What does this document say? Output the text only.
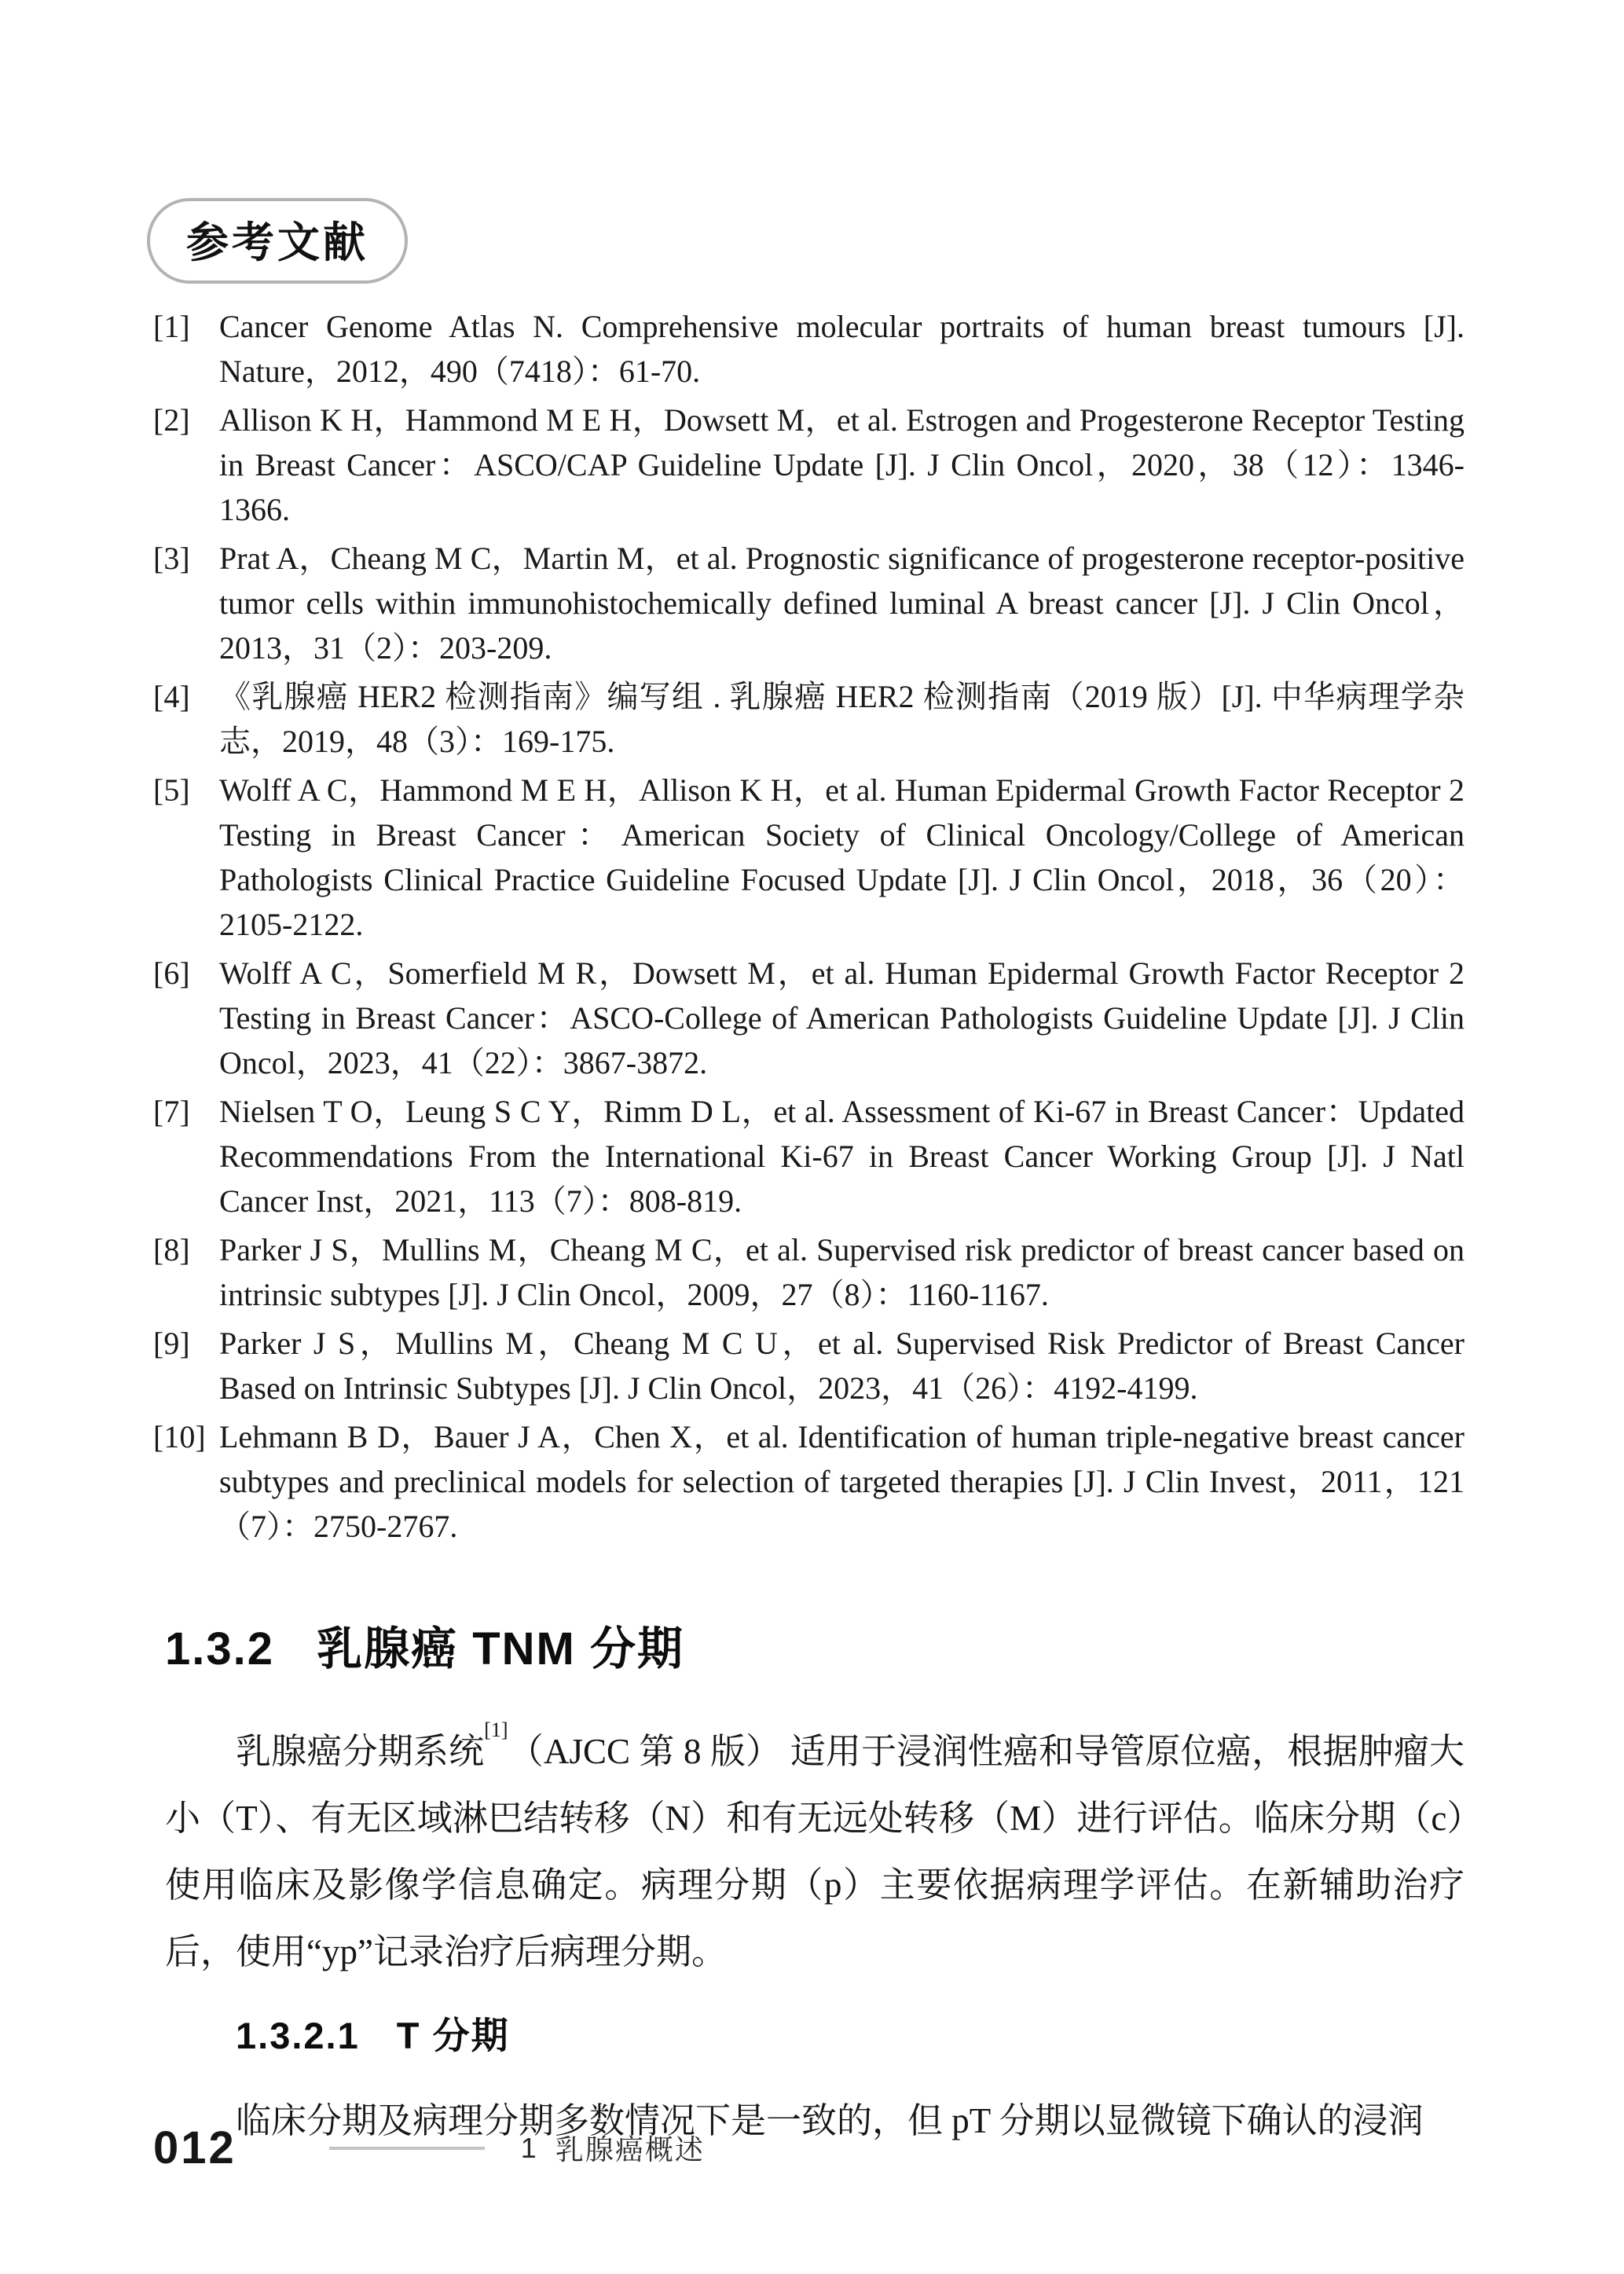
参考文献
[1] Cancer Genome Atlas N. Comprehensive molecular portraits of human breast tumours [J]. Nature，2012，490（7418）：61-70.
[2] Allison K H，Hammond M E H，Dowsett M，et al. Estrogen and Progesterone Receptor Testing in Breast Cancer：ASCO/CAP Guideline Update [J]. J Clin Oncol，2020，38（12）：1346-1366.
[3] Prat A，Cheang M C，Martin M，et al. Prognostic significance of progesterone receptor-positive tumor cells within immunohistochemically defined luminal A breast cancer [J]. J Clin Oncol，2013，31（2）：203-209.
[4] 《乳腺癌 HER2 检测指南》编写组 . 乳腺癌 HER2 检测指南（2019 版）[J]. 中华病理学杂志，2019，48（3）：169-175.
[5] Wolff A C，Hammond M E H，Allison K H，et al. Human Epidermal Growth Factor Receptor 2 Testing in Breast Cancer：American Society of Clinical Oncology/College of American Pathologists Clinical Practice Guideline Focused Update [J]. J Clin Oncol，2018，36（20）：2105-2122.
[6] Wolff A C，Somerfield M R，Dowsett M，et al. Human Epidermal Growth Factor Receptor 2 Testing in Breast Cancer：ASCO-College of American Pathologists Guideline Update [J]. J Clin Oncol，2023，41（22）：3867-3872.
[7] Nielsen T O，Leung S C Y，Rimm D L，et al. Assessment of Ki-67 in Breast Cancer：Updated Recommendations From the International Ki-67 in Breast Cancer Working Group [J]. J Natl Cancer Inst，2021，113（7）：808-819.
[8] Parker J S，Mullins M，Cheang M C，et al. Supervised risk predictor of breast cancer based on intrinsic subtypes [J]. J Clin Oncol，2009，27（8）：1160-1167.
[9] Parker J S，Mullins M，Cheang M C U，et al. Supervised Risk Predictor of Breast Cancer Based on Intrinsic Subtypes [J]. J Clin Oncol，2023，41（26）：4192-4199.
[10] Lehmann B D，Bauer J A，Chen X，et al. Identification of human triple-negative breast cancer subtypes and preclinical models for selection of targeted therapies [J]. J Clin Invest，2011，121（7）：2750-2767.
1.3.2 乳腺癌 TNM 分期

乳腺癌分期系统[1]（AJCC 第 8 版） 适用于浸润性癌和导管原位癌，根据肿瘤大小（T）、有无区域淋巴结转移（N）和有无远处转移（M）进行评估。临床分期（c）使用临床及影像学信息确定。病理分期（p）主要依据病理学评估。在新辅助治疗后，使用“yp”记录治疗后病理分期。

1.3.2.1 T 分期

临床分期及病理分期多数情况下是一致的，但 pT 分期以显微镜下确认的浸润

012	1 乳腺癌概述
